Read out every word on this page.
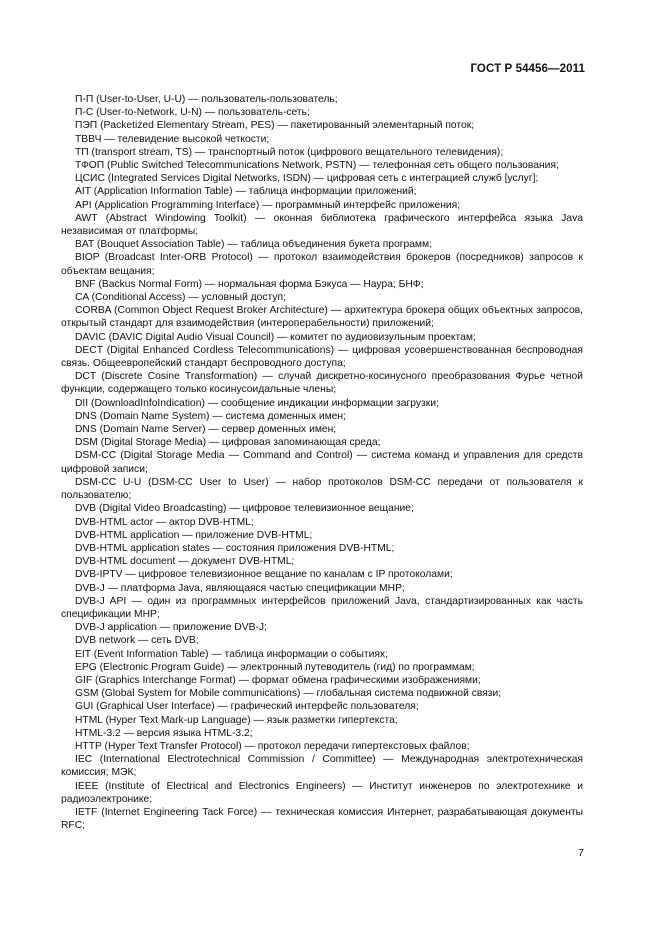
ГОСТ Р 54456—2011

П-П (User-to-User, U-U) — пользователь-пользователь;

П-С (User-to-Network, U-N) — пользователь-сеть;

ПЭП (Packetized Elementary Stream, PES) — пакетированный элементарный поток;

ТВВЧ — телевидение высокой четкости;

ТП (transport stream, TS) — транспортный поток (цифрового вещательного телевидения);

ТФОП (Public Switched Telecommunications Network, PSTN) — телефонная сеть общего пользования;

ЦСИС (Integrated Services Digital Networks, ISDN) — цифровая сеть с интеграцией служб [услуг];

AIT (Application Information Table) — таблица информации приложений;

API (Application Programming Interface) — программный интерфейс приложения;

AWT (Abstract Windowing Toolkit) — оконная библиотека графического интерфейса языка Java независимая от платформы;

BAT (Bouquet Association Table) — таблица объединения букета программ;

BIOP (Broadcast Inter-ORB Protocol) — протокол взаимодействия брокеров (посредников) запросов к объектам вещания;

BNF (Backus Normal Form) — нормальная форма Бэкуса — Наура; БНФ;

CA (Conditional Access) — условный доступ;

CORBA (Common Object Request Broker Architecture) — архитектура брокера общих объектных запросов, открытый стандарт для взаимодействия (интероперабельности) приложений;

DAVIC (DAVIC Digital Audio Visual Council) — комитет по аудиовизульным проектам;

DECT (Digital Enhanced Cordless Telecommunications) — цифровая усовершенствованная беспроводная связь. Общеевропейский стандарт беспроводного доступа;

DCT (Discrete Cosine Transformation) — случай дискретно-косинусного преобразования Фурье четной функции, содержащего только косинусоидальные члены;

DII (DownloadInfoIndication) — сообщение индикации информации загрузки;

DNS (Domain Name System) — система доменных имен;

DNS (Domain Name Server) — сервер доменных имен;

DSM (Digital Storage Media) — цифровая запоминающая среда;

DSM-CC (Digital Storage Media — Command and Control) — система команд и управления для средств цифровой записи;

DSM-CC U-U (DSM-CC User to User) — набор протоколов DSM-CC передачи от пользователя к пользователю;

DVB (Digital Video Broadcasting) — цифровое телевизионное вещание;

DVB-HTML actor — актор DVB-HTML;

DVB-HTML application — приложение DVB-HTML;

DVB-HTML application states — состояния приложения DVB-HTML;

DVB-HTML document — документ DVB-HTML;

DVB-IPTV — цифровое телевизионное вещание по каналам с IP протоколами;

DVB-J — платформа Java, являющаяся частью спецификации MHP;

DVB-J API — один из программных интерфейсов приложений Java, стандартизированных как часть спецификации MHP;

DVB-J application — приложение DVB-J;

DVB network — сеть DVB;

EIT (Event Information Table) — таблица информации о событиях;

EPG (Electronic Program Guide) — электронный путеводитель (гид) по программам;

GIF (Graphics Interchange Format) — формат обмена графическими изображениями;

GSM (Global System for Mobile communications) — глобальная система подвижной связи;

GUI (Graphical User Interface) — графический интерфейс пользователя;

HTML (Hyper Text Mark-up Language) — язык разметки гипертекста;

HTML-3.2 — версия языка HTML-3.2;

HTTP (Hyper Text Transfer Protocol) — протокол передачи гипертекстовых файлов;

IEC (International Electrotechnical Commission / Committee) — Международная электротехническая комиссия; МЭК;

IEEE (Institute of Electrical and Electronics Engineers) — Институт инженеров по электротехнике и радиоэлектронике;

IETF (Internet Engineering Tack Force) — техническая комиссия Интернет, разрабатывающая документы RFC;

7
